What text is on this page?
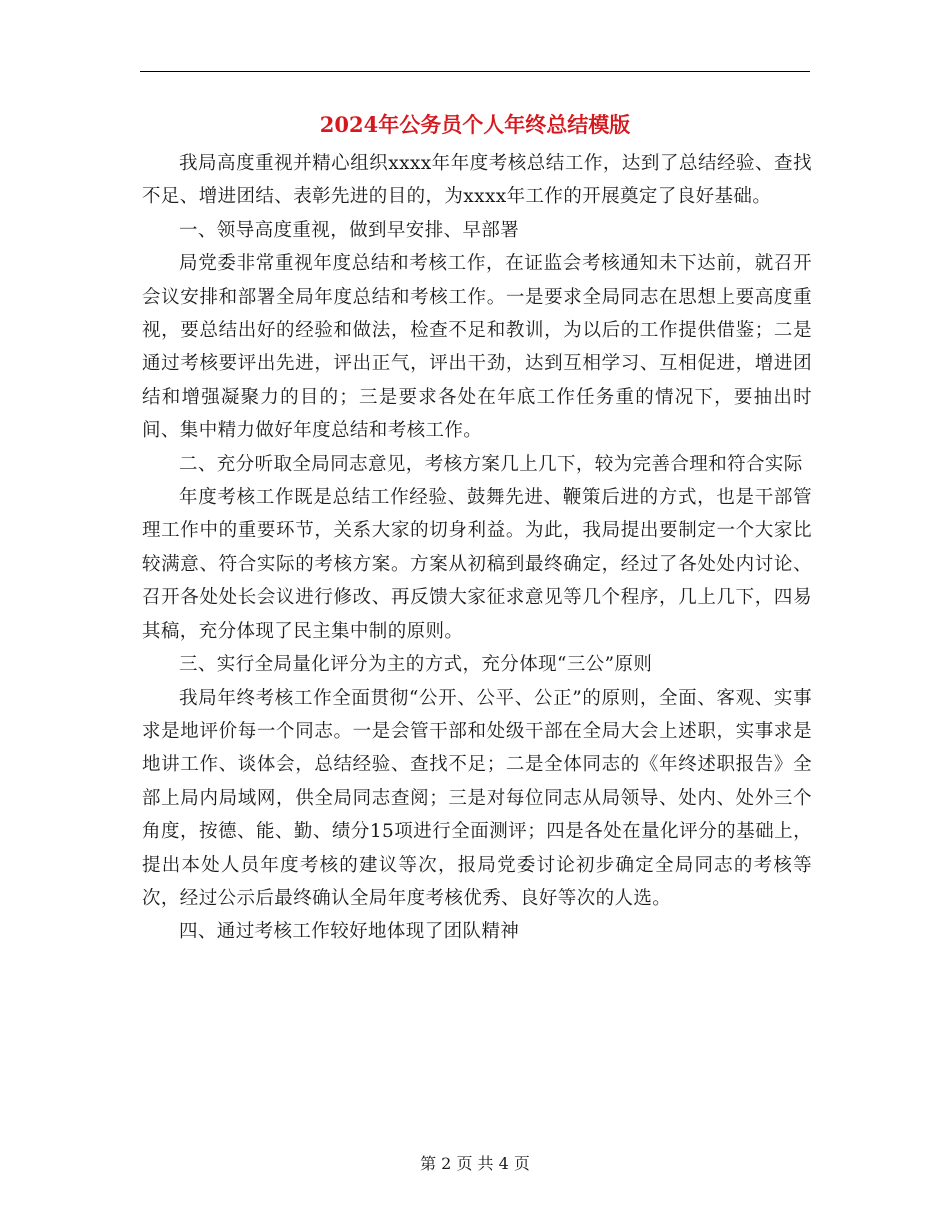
2024年公务员个人年终总结模版

我局高度重视并精心组织xxxx年年度考核总结工作，达到了总结经验、查找不足、增进团结、表彰先进的目的，为xxxx年工作的开展奠定了良好基础。

一、领导高度重视，做到早安排、早部署

局党委非常重视年度总结和考核工作，在证监会考核通知未下达前，就召开会议安排和部署全局年度总结和考核工作。一是要求全局同志在思想上要高度重视，要总结出好的经验和做法，检查不足和教训，为以后的工作提供借鉴；二是通过考核要评出先进，评出正气，评出干劲，达到互相学习、互相促进，增进团结和增强凝聚力的目的；三是要求各处在年底工作任务重的情况下，要抽出时间、集中精力做好年度总结和考核工作。

二、充分听取全局同志意见，考核方案几上几下，较为完善合理和符合实际

年度考核工作既是总结工作经验、鼓舞先进、鞭策后进的方式，也是干部管理工作中的重要环节，关系大家的切身利益。为此，我局提出要制定一个大家比较满意、符合实际的考核方案。方案从初稿到最终确定，经过了各处处内讨论、召开各处处长会议进行修改、再反馈大家征求意见等几个程序，几上几下，四易其稿，充分体现了民主集中制的原则。

三、实行全局量化评分为主的方式，充分体现“三公”原则

我局年终考核工作全面贯彻“公开、公平、公正”的原则，全面、客观、实事求是地评价每一个同志。一是会管干部和处级干部在全局大会上述职，实事求是地讲工作、谈体会，总结经验、查找不足；二是全体同志的《年终述职报告》全部上局内局域网，供全局同志查阅；三是对每位同志从局领导、处内、处外三个角度，按德、能、勤、绩分15项进行全面测评；四是各处在量化评分的基础上，提出本处人员年度考核的建议等次，报局党委讨论初步确定全局同志的考核等次，经过公示后最终确认全局年度考核优秀、良好等次的人选。

四、通过考核工作较好地体现了团队精神

第 2 页 共 4 页
